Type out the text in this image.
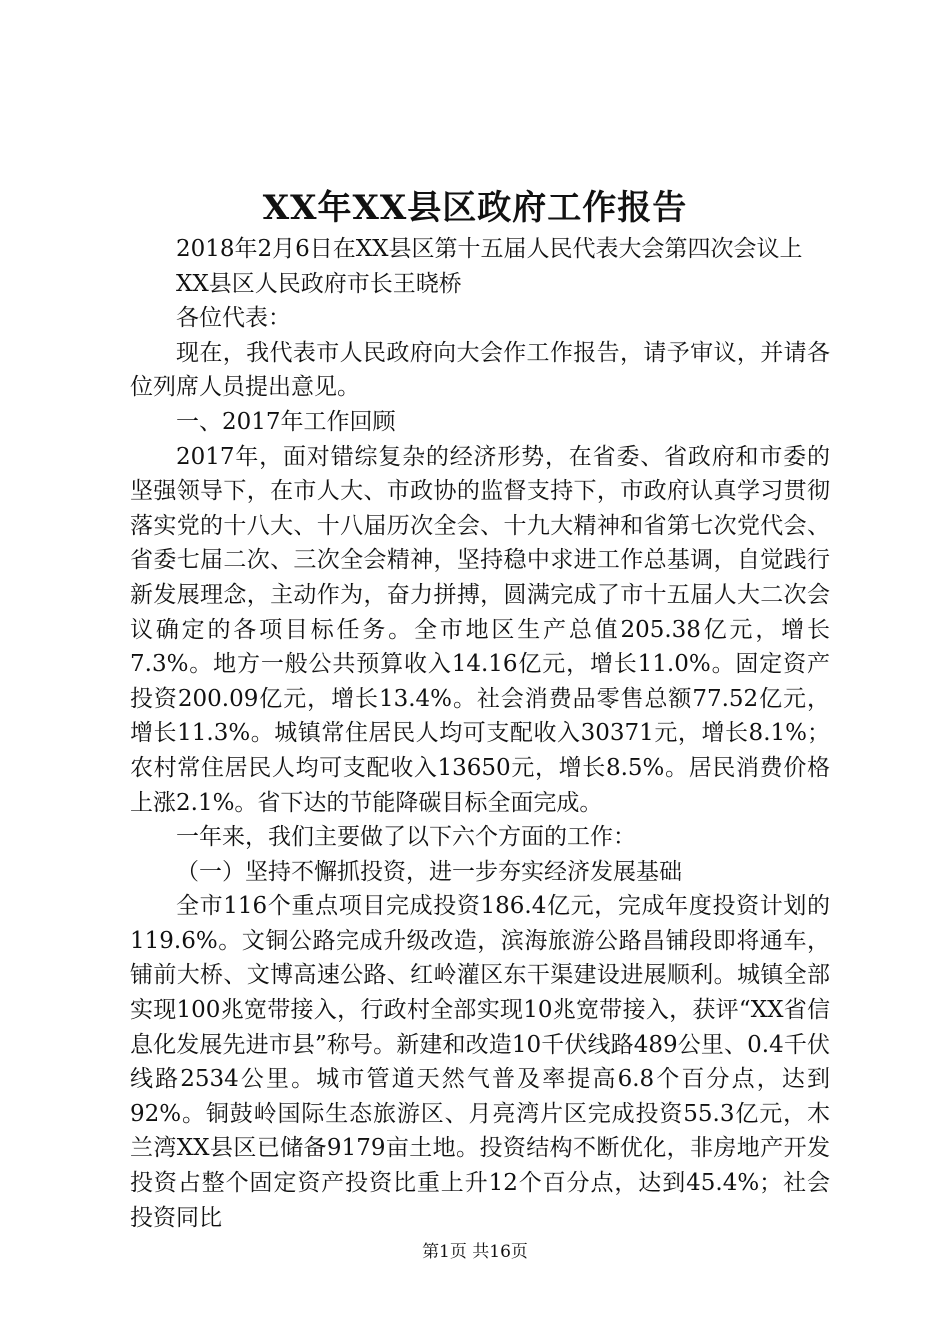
XX年XX县区政府工作报告

2018年2月6日在XX县区第十五届人民代表大会第四次会议上

XX县区人民政府市长王晓桥

各位代表：

现在，我代表市人民政府向大会作工作报告，请予审议，并请各位列席人员提出意见。

一、2017年工作回顾

2017年，面对错综复杂的经济形势，在省委、省政府和市委的坚强领导下，在市人大、市政协的监督支持下，市政府认真学习贯彻落实党的十八大、十八届历次全会、十九大精神和省第七次党代会、省委七届二次、三次全会精神，坚持稳中求进工作总基调，自觉践行新发展理念，主动作为，奋力拼搏，圆满完成了市十五届人大二次会议确定的各项目标任务。全市地区生产总值205.38亿元，增长7.3%。地方一般公共预算收入14.16亿元，增长11.0%。固定资产投资200.09亿元，增长13.4%。社会消费品零售总额77.52亿元，增长11.3%。城镇常住居民人均可支配收入30371元，增长8.1%；农村常住居民人均可支配收入13650元，增长8.5%。居民消费价格上涨2.1%。省下达的节能降碳目标全面完成。

一年来，我们主要做了以下六个方面的工作：

（一）坚持不懈抓投资，进一步夯实经济发展基础

全市116个重点项目完成投资186.4亿元，完成年度投资计划的119.6%。文铜公路完成升级改造，滨海旅游公路昌铺段即将通车，铺前大桥、文博高速公路、红岭灌区东干渠建设进展顺利。城镇全部实现100兆宽带接入，行政村全部实现10兆宽带接入，获评“XX省信息化发展先进市县”称号。新建和改造10千伏线路489公里、0.4千伏线路2534公里。城市管道天然气普及率提高6.8个百分点，达到92%。铜鼓岭国际生态旅游区、月亮湾片区完成投资55.3亿元，木兰湾XX县区已储备9179亩土地。投资结构不断优化，非房地产开发投资占整个固定资产投资比重上升12个百分点，达到45.4%；社会投资同比

第1页 共16页
